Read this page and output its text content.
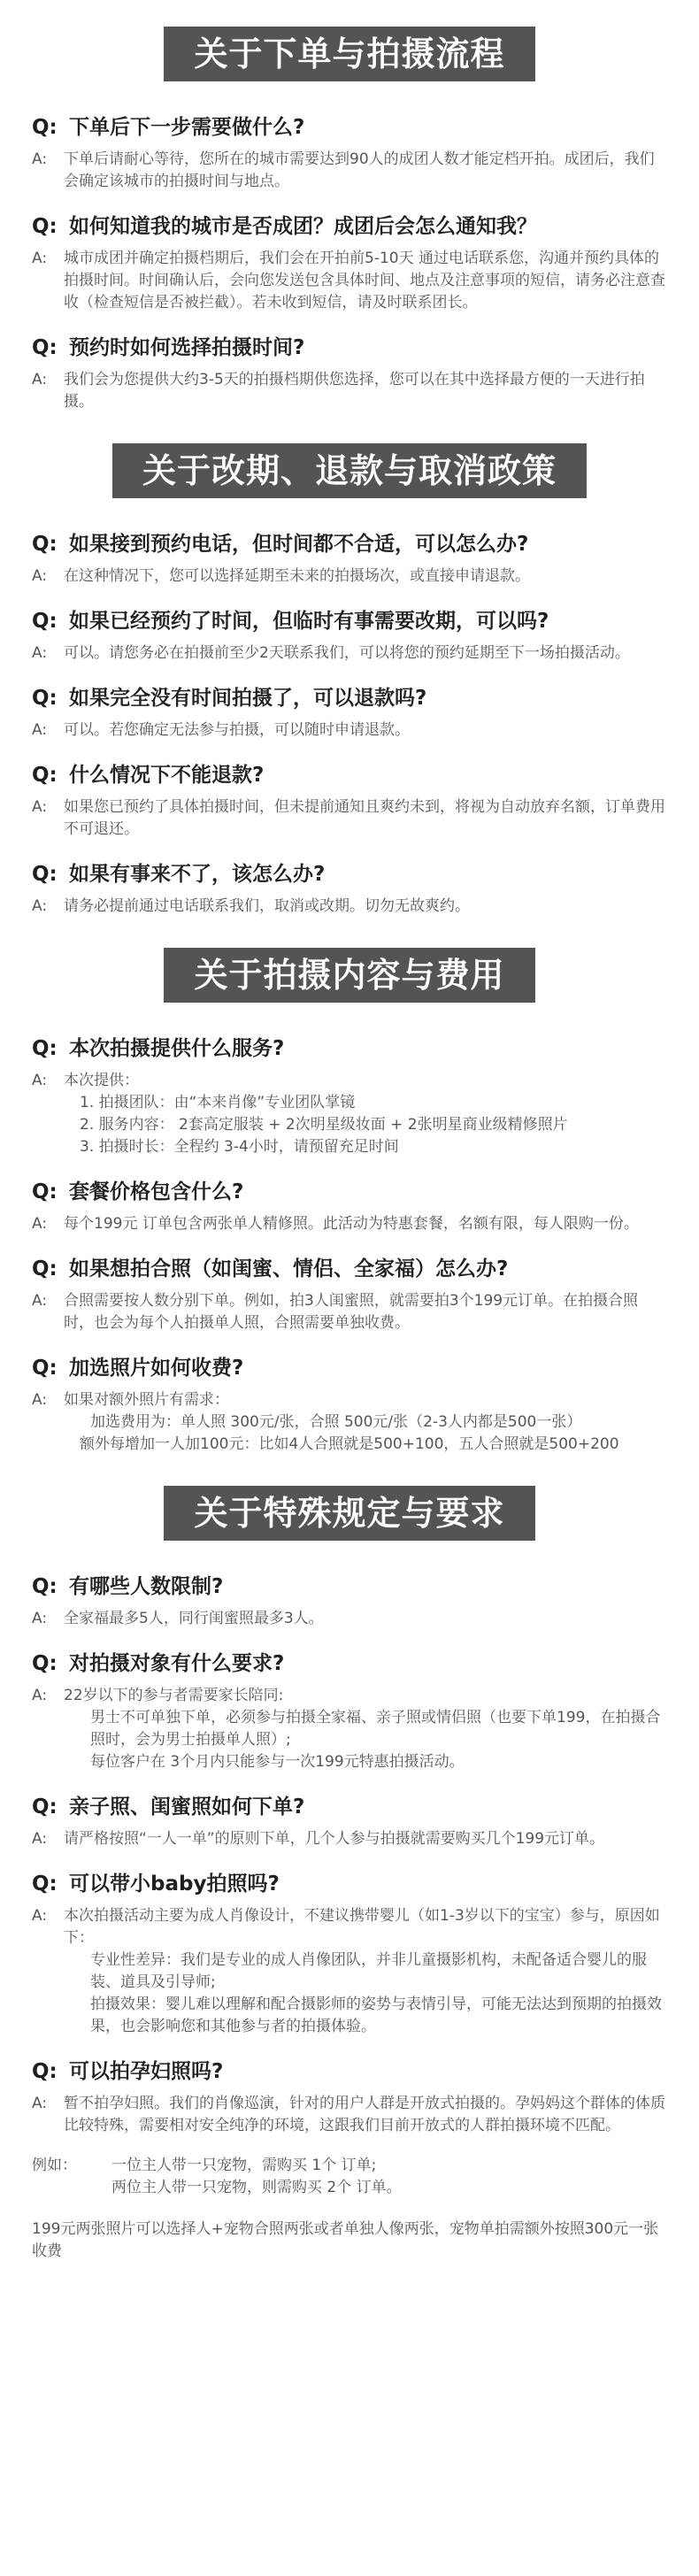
关于下单与拍摄流程
Q: 下单后下一步需要做什么?
A:	下单后请耐心等待，您所在的城市需要达到90人的成团人数才能定档开拍。成团后，我们会确定该城市的拍摄时间与地点。
Q: 如何知道我的城市是否成团？成团后会怎么通知我？
A:	城市成团并确定拍摄档期后，我们会在开拍前5-10天 通过电话联系您，沟通并预约具体的拍摄时间。时间确认后，会向您发送包含具体时间、地点及注意事项的短信，请务必注意查收（检查短信是否被拦截）。若未收到短信，请及时联系团长。
Q: 预约时如何选择拍摄时间?
A:	我们会为您提供大约3-5天的拍摄档期供您选择，您可以在其中选择最方便的一天进行拍摄。
关于改期、退款与取消政策
Q: 如果接到预约电话，但时间都不合适，可以怎么办?
A:	在这种情况下，您可以选择延期至未来的拍摄场次，或直接申请退款。
Q: 如果已经预约了时间，但临时有事需要改期，可以吗?
A:	可以。请您务必在拍摄前至少2天联系我们，可以将您的预约延期至下一场拍摄活动。
Q: 如果完全没有时间拍摄了，可以退款吗?
A:	可以。若您确定无法参与拍摄，可以随时申请退款。
Q: 什么情况下不能退款?
A:	如果您已预约了具体拍摄时间，但未提前通知且爽约未到，将视为自动放弃名额，订单费用不可退还。
Q: 如果有事来不了，该怎么办?
A:	请务必提前通过电话联系我们，取消或改期。切勿无故爽约。
关于拍摄内容与费用
Q: 本次拍摄提供什么服务?
A:	本次提供：
1. 拍摄团队：由“本来肖像”专业团队掌镜
2. 服务内容： 2套高定服装 + 2次明星级妆面 + 2张明星商业级精修照片
3. 拍摄时长：全程约 3-4小时，请预留充足时间
Q: 套餐价格包含什么?
A:	每个199元 订单包含两张单人精修照。此活动为特惠套餐，名额有限，每人限购一份。
Q: 如果想拍合照（如闺蜜、情侣、全家福）怎么办?
A:	合照需要按人数分别下单。例如，拍3人闺蜜照，就需要拍3个199元订单。在拍摄合照时，也会为每个人拍摄单人照，合照需要单独收费。
Q: 加选照片如何收费?
A:	如果对额外照片有需求：
加选费用为：单人照 300元/张，合照 500元/张（2-3人内都是500一张）
额外每增加一人加100元：比如4人合照就是500+100，五人合照就是500+200
关于特殊规定与要求
Q: 有哪些人数限制?
A:	全家福最多5人，同行闺蜜照最多3人。
Q: 对拍摄对象有什么要求?
A:	22岁以下的参与者需要家长陪同:
男士不可单独下单，必须参与拍摄全家福、亲子照或情侣照（也要下单199，在拍摄合照时，会为男士拍摄单人照）;
每位客户在 3个月内只能参与一次199元特惠拍摄活动。
Q: 亲子照、闺蜜照如何下单?
A:	请严格按照“一人一单”的原则下单，几个人参与拍摄就需要购买几个199元订单。
Q: 可以带小baby拍照吗?
A:	本次拍摄活动主要为成人肖像设计，不建议携带婴儿（如1-3岁以下的宝宝）参与，原因如下：
专业性差异：我们是专业的成人肖像团队，并非儿童摄影机构，未配备适合婴儿的服装、道具及引导师;
拍摄效果：婴儿难以理解和配合摄影师的姿势与表情引导，可能无法达到预期的拍摄效果，也会影响您和其他参与者的拍摄体验。
Q: 可以拍孕妇照吗?
A:	暂不拍孕妇照。我们的肖像巡演，针对的用户人群是开放式拍摄的。孕妈妈这个群体的体质比较特殊，需要相对安全纯净的环境，这跟我们目前开放式的人群拍摄环境不匹配。
例如：	一位主人带一只宠物，需购买 1个 订单;
两位主人带一只宠物，则需购买 2个 订单。
199元两张照片可以选择人+宠物合照两张或者单独人像两张，宠物单拍需额外按照300元一张收费
